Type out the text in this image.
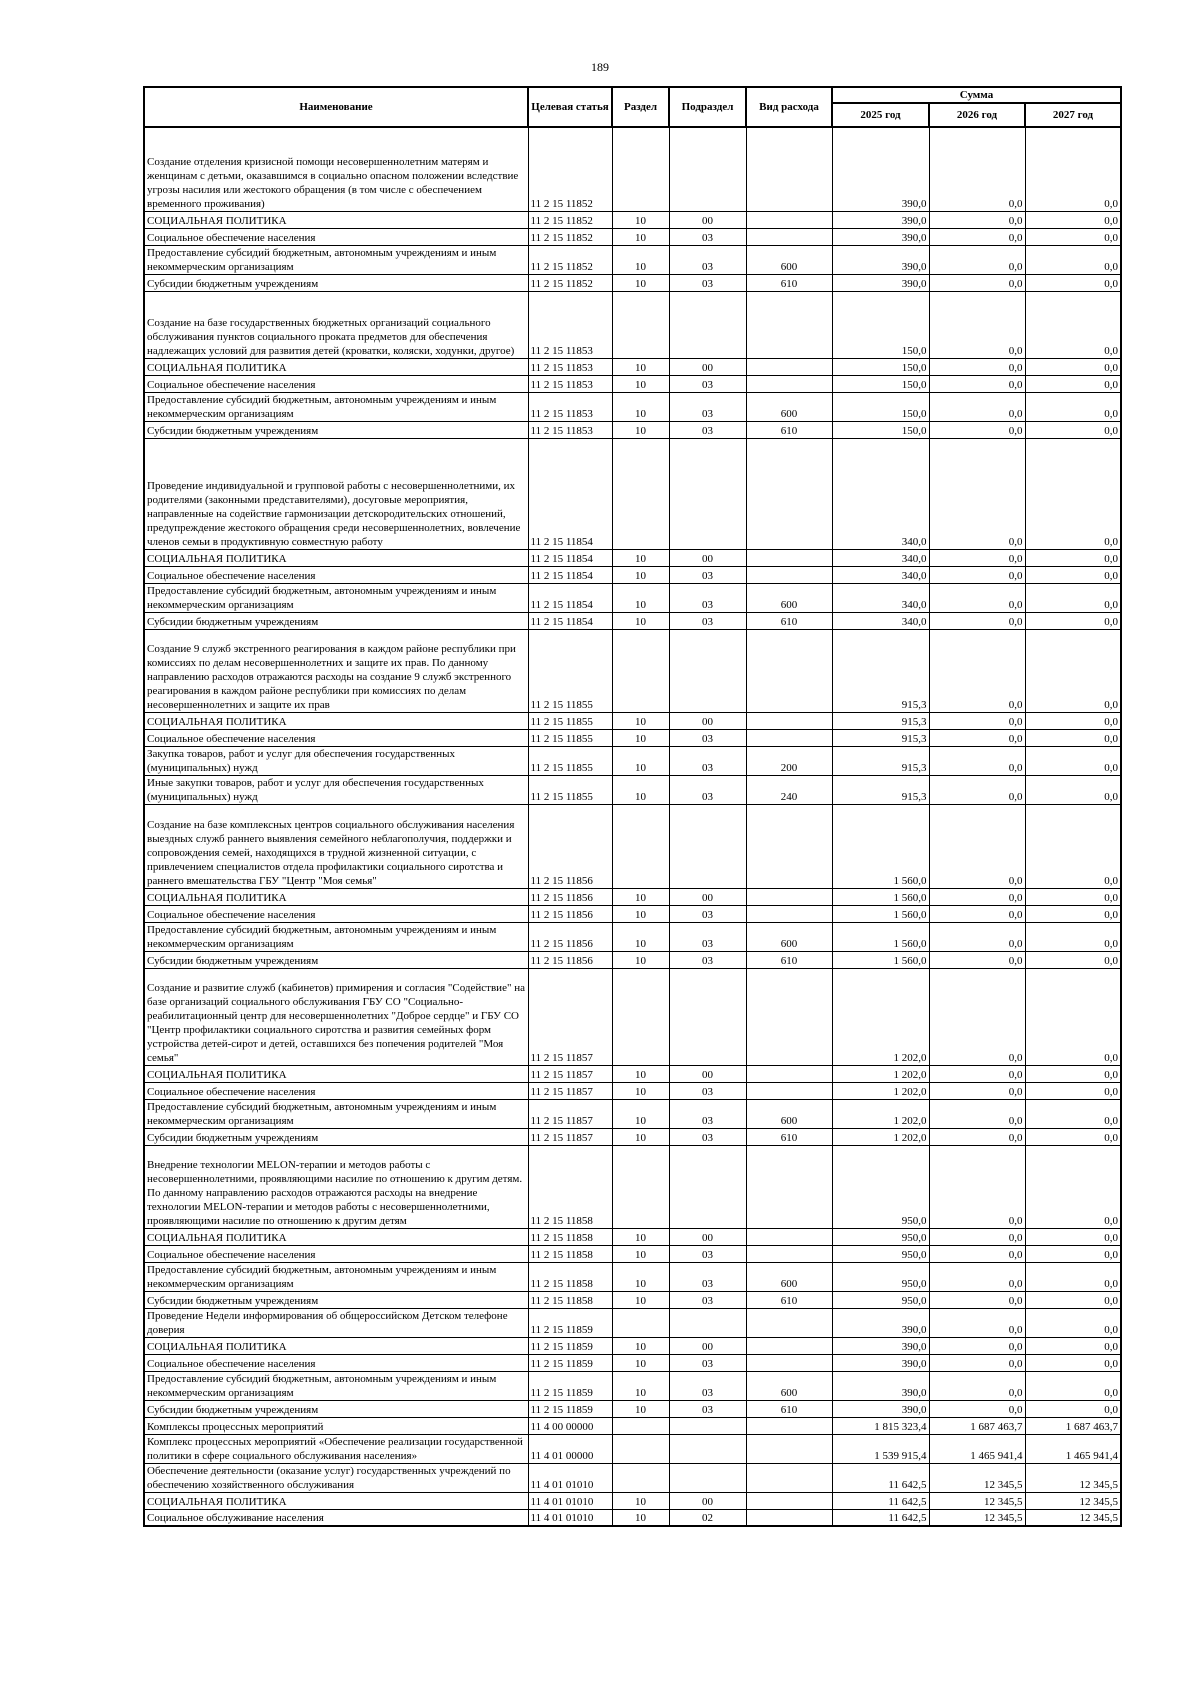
189
Наименование	Целевая статья	Раздел	Подраздел	Вид расхода	Сумма		
					2025 год	2026 год	2027 год
Создание отделения кризисной помощи несовершеннолетним матерям и женщинам с детьми, оказавшимся в социально опасном положении вследствие угрозы насилия или жестокого обращения (в том числе с обеспечением временного проживания)	11 2 15 11852				390,0	0,0	0,0
СОЦИАЛЬНАЯ ПОЛИТИКА	11 2 15 11852	10	00		390,0	0,0	0,0
Социальное обеспечение населения	11 2 15 11852	10	03		390,0	0,0	0,0
Предоставление субсидий бюджетным, автономным учреждениям и иным некоммерческим организациям	11 2 15 11852	10	03	600	390,0	0,0	0,0
Субсидии бюджетным учреждениям	11 2 15 11852	10	03	610	390,0	0,0	0,0
Создание на базе государственных бюджетных организаций социального обслуживания пунктов социального проката предметов для обеспечения надлежащих условий для развития детей (кроватки, коляски, ходунки, другое)	11 2 15 11853				150,0	0,0	0,0
СОЦИАЛЬНАЯ ПОЛИТИКА	11 2 15 11853	10	00		150,0	0,0	0,0
Социальное обеспечение населения	11 2 15 11853	10	03		150,0	0,0	0,0
Предоставление субсидий бюджетным, автономным учреждениям и иным некоммерческим организациям	11 2 15 11853	10	03	600	150,0	0,0	0,0
Субсидии бюджетным учреждениям	11 2 15 11853	10	03	610	150,0	0,0	0,0
Проведение индивидуальной и групповой работы с несовершеннолетними, их родителями (законными представителями), досуговые мероприятия, направленные на содействие гармонизации детскородительских отношений, предупреждение жестокого обращения среди несовершеннолетних, вовлечение членов семьи в продуктивную совместную работу	11 2 15 11854				340,0	0,0	0,0
СОЦИАЛЬНАЯ ПОЛИТИКА	11 2 15 11854	10	00		340,0	0,0	0,0
Социальное обеспечение населения	11 2 15 11854	10	03		340,0	0,0	0,0
Предоставление субсидий бюджетным, автономным учреждениям и иным некоммерческим организациям	11 2 15 11854	10	03	600	340,0	0,0	0,0
Субсидии бюджетным учреждениям	11 2 15 11854	10	03	610	340,0	0,0	0,0
Создание 9 служб экстренного реагирования в каждом районе республики при комиссиях по делам несовершеннолетних и защите их прав. По данному направлению расходов отражаются расходы на создание 9 служб экстренного реагирования в каждом районе республики при комиссиях по делам несовершеннолетних и защите их прав	11 2 15 11855				915,3	0,0	0,0
СОЦИАЛЬНАЯ ПОЛИТИКА	11 2 15 11855	10	00		915,3	0,0	0,0
Социальное обеспечение населения	11 2 15 11855	10	03		915,3	0,0	0,0
Закупка товаров, работ и услуг для обеспечения государственных (муниципальных) нужд	11 2 15 11855	10	03	200	915,3	0,0	0,0
Иные закупки товаров, работ и услуг для обеспечения государственных (муниципальных) нужд	11 2 15 11855	10	03	240	915,3	0,0	0,0
Создание на базе комплексных центров социального обслуживания населения выездных служб раннего выявления семейного неблагополучия, поддержки и сопровождения семей, находящихся в трудной жизненной ситуации, с привлечением специалистов отдела профилактики социального сиротства и раннего вмешательства ГБУ "Центр "Моя семья"	11 2 15 11856				1 560,0	0,0	0,0
СОЦИАЛЬНАЯ ПОЛИТИКА	11 2 15 11856	10	00		1 560,0	0,0	0,0
Социальное обеспечение населения	11 2 15 11856	10	03		1 560,0	0,0	0,0
Предоставление субсидий бюджетным, автономным учреждениям и иным некоммерческим организациям	11 2 15 11856	10	03	600	1 560,0	0,0	0,0
Субсидии бюджетным учреждениям	11 2 15 11856	10	03	610	1 560,0	0,0	0,0
Создание и развитие служб (кабинетов) примирения и согласия "Содействие" на базе организаций социального обслуживания ГБУ СО "Социально-реабилитационный центр для несовершеннолетних "Доброе сердце" и ГБУ СО "Центр профилактики социального сиротства и развития семейных форм устройства детей-сирот и детей, оставшихся без попечения родителей "Моя семья"	11 2 15 11857				1 202,0	0,0	0,0
СОЦИАЛЬНАЯ ПОЛИТИКА	11 2 15 11857	10	00		1 202,0	0,0	0,0
Социальное обеспечение населения	11 2 15 11857	10	03		1 202,0	0,0	0,0
Предоставление субсидий бюджетным, автономным учреждениям и иным некоммерческим организациям	11 2 15 11857	10	03	600	1 202,0	0,0	0,0
Субсидии бюджетным учреждениям	11 2 15 11857	10	03	610	1 202,0	0,0	0,0
Внедрение технологии MELON-терапии и методов работы с несовершеннолетними, проявляющими насилие по отношению к другим детям. По данному направлению расходов отражаются расходы на внедрение технологии MELON-терапии и методов работы с несовершеннолетними, проявляющими насилие по отношению к другим детям	11 2 15 11858				950,0	0,0	0,0
СОЦИАЛЬНАЯ ПОЛИТИКА	11 2 15 11858	10	00		950,0	0,0	0,0
Социальное обеспечение населения	11 2 15 11858	10	03		950,0	0,0	0,0
Предоставление субсидий бюджетным, автономным учреждениям и иным некоммерческим организациям	11 2 15 11858	10	03	600	950,0	0,0	0,0
Субсидии бюджетным учреждениям	11 2 15 11858	10	03	610	950,0	0,0	0,0
Проведение Недели информирования об общероссийском Детском телефоне доверия	11 2 15 11859				390,0	0,0	0,0
СОЦИАЛЬНАЯ ПОЛИТИКА	11 2 15 11859	10	00		390,0	0,0	0,0
Социальное обеспечение населения	11 2 15 11859	10	03		390,0	0,0	0,0
Предоставление субсидий бюджетным, автономным учреждениям и иным некоммерческим организациям	11 2 15 11859	10	03	600	390,0	0,0	0,0
Субсидии бюджетным учреждениям	11 2 15 11859	10	03	610	390,0	0,0	0,0
Комплексы процессных мероприятий	11 4 00 00000				1 815 323,4	1 687 463,7	1 687 463,7
Комплекс процессных мероприятий «Обеспечение реализации государственной политики в сфере социального обслуживания населения»	11 4 01 00000				1 539 915,4	1 465 941,4	1 465 941,4
Обеспечение деятельности (оказание услуг) государственных учреждений по обеспечению хозяйственного обслуживания	11 4 01 01010				11 642,5	12 345,5	12 345,5
СОЦИАЛЬНАЯ ПОЛИТИКА	11 4 01 01010	10	00		11 642,5	12 345,5	12 345,5
Социальное обслуживание населения	11 4 01 01010	10	02		11 642,5	12 345,5	12 345,5
